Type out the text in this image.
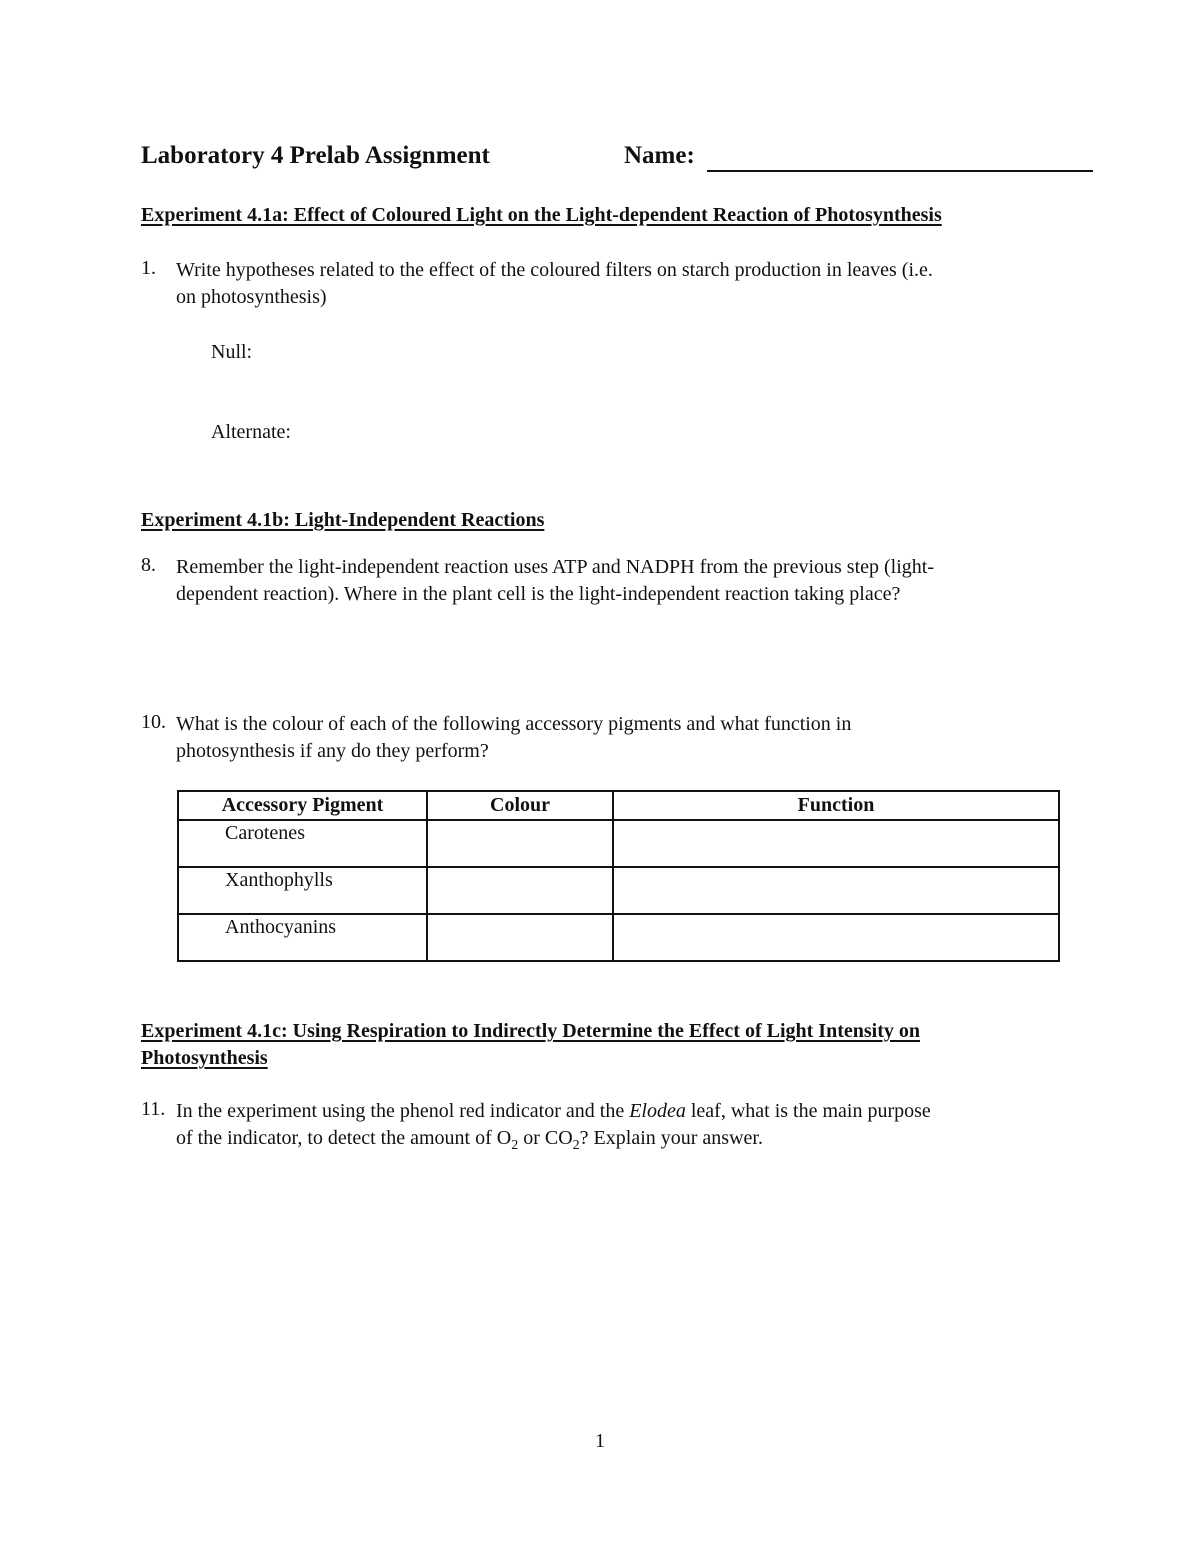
Laboratory 4 Prelab Assignment	Name:
Experiment 4.1a: Effect of Coloured Light on the Light-dependent Reaction of Photosynthesis
1. Write hypotheses related to the effect of the coloured filters on starch production in leaves (i.e.
on photosynthesis)
Null:
Alternate:
Experiment 4.1b: Light-Independent Reactions
8. Remember the light-independent reaction uses ATP and NADPH from the previous step (light-
dependent reaction). Where in the plant cell is the light-independent reaction taking place?
10. What is the colour of each of the following accessory pigments and what function in
photosynthesis if any do they perform?
Accessory Pigment	Colour	Function
Carotenes		
Xanthophylls		
Anthocyanins		
Experiment 4.1c: Using Respiration to Indirectly Determine the Effect of Light Intensity on
Photosynthesis
11. In the experiment using the phenol red indicator and the Elodea leaf, what is the main purpose
of the indicator, to detect the amount of $O_2$ or $CO_2$? Explain your answer.
1
